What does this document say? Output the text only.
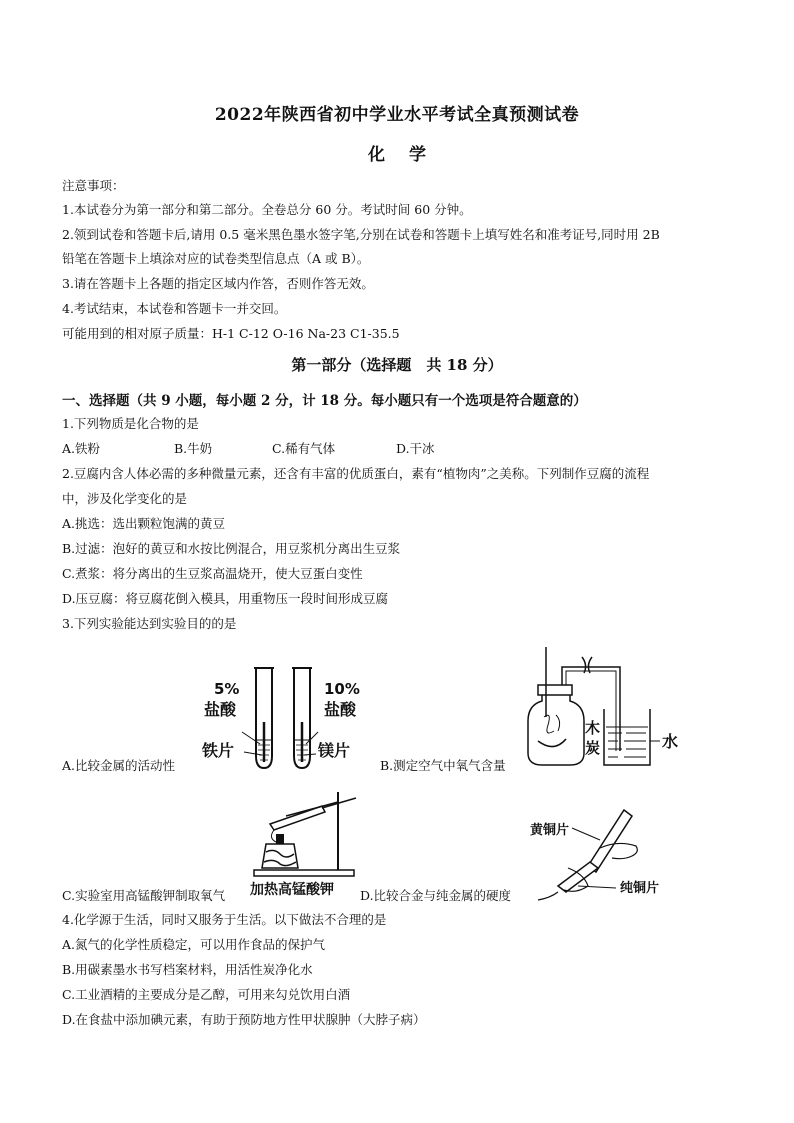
2022年陕西省初中学业水平考试全真预测试卷
化学
注意事项：
1.本试卷分为第一部分和第二部分。全卷总分 60 分。考试时间 60 分钟。
2.领到试卷和答题卡后,请用 0.5 毫米黑色墨水签字笔,分别在试卷和答题卡上填写姓名和准考证号,同时用 2B
铅笔在答题卡上填涂对应的试卷类型信息点（A 或 B）。
3.请在答题卡上各题的指定区域内作答，否则作答无效。
4.考试结束，本试卷和答题卡一并交回。
可能用到的相对原子质量：H-1 C-12 O-16 Na-23 C1-35.5
第一部分（选择题　共 18 分）
一、选择题（共 9 小题，每小题 2 分，计 18 分。每小题只有一个选项是符合题意的）
1.下列物质是化合物的是
A.铁粉	B.牛奶	C.稀有气体	D.干冰
2.豆腐内含人体必需的多种微量元素，还含有丰富的优质蛋白，素有“植物肉”之美称。下列制作豆腐的流程
中，涉及化学变化的是
A.挑选：选出颗粒饱满的黄豆
B.过滤：泡好的黄豆和水按比例混合，用豆浆机分离出生豆浆
C.煮浆：将分离出的生豆浆高温烧开，使大豆蛋白变性
D.压豆腐：将豆腐花倒入模具，用重物压一段时间形成豆腐
3.下列实验能达到实验目的的是
5%
盐酸
铁片
10%
盐酸
镁片
A.比较金属的活动性
水
木
炭
B.测定空气中氧气含量
加热高锰酸钾
C.实验室用高锰酸钾制取氧气	D.比较合金与纯金属的硬度
黄铜片
纯铜片
4.化学源于生活，同时又服务于生活。以下做法不合理的是
A.氮气的化学性质稳定，可以用作食品的保护气
B.用碳素墨水书写档案材料，用活性炭净化水
C.工业酒精的主要成分是乙醇，可用来勾兑饮用白酒
D.在食盐中添加碘元素，有助于预防地方性甲状腺肿（大脖子病）
